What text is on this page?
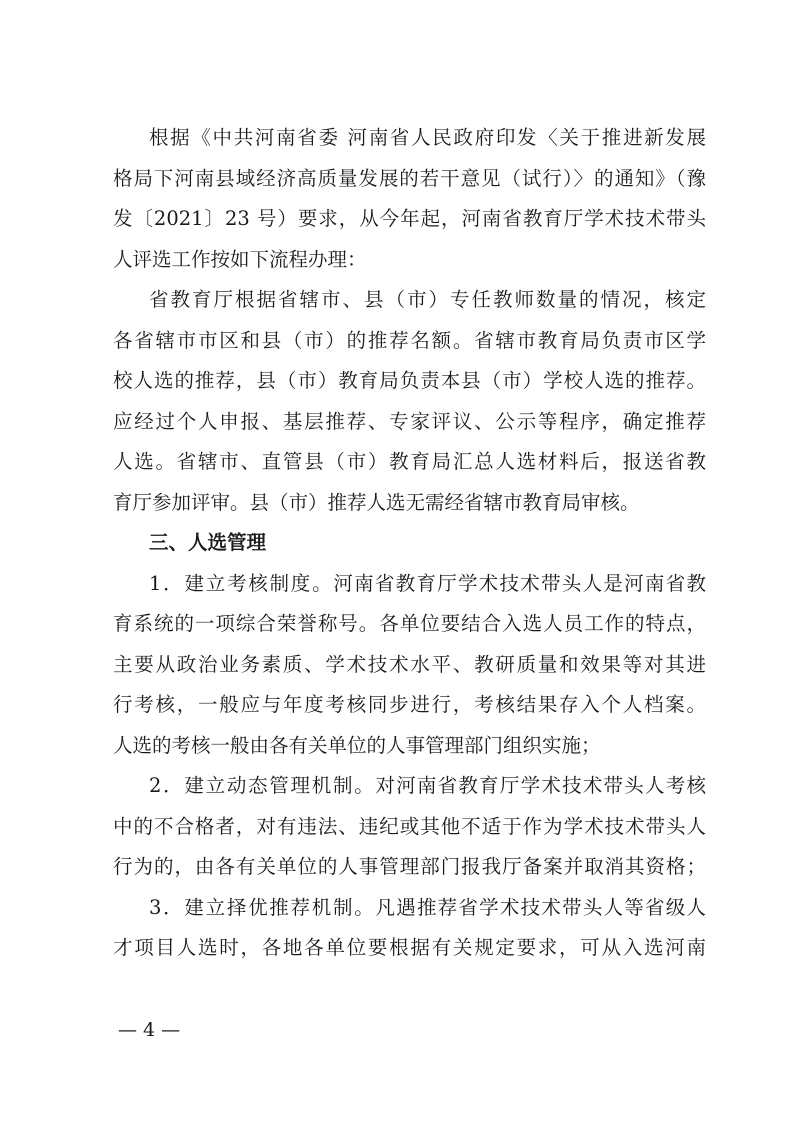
根据《中共河南省委 河南省人民政府印发〈关于推进新发展
格局下河南县域经济高质量发展的若干意见（试行）〉的通知》（豫
发〔2021〕23 号）要求，从今年起，河南省教育厅学术技术带头
人评选工作按如下流程办理：
省教育厅根据省辖市、县（市）专任教师数量的情况，核定
各省辖市市区和县（市）的推荐名额。省辖市教育局负责市区学
校人选的推荐，县（市）教育局负责本县（市）学校人选的推荐。
应经过个人申报、基层推荐、专家评议、公示等程序，确定推荐
人选。省辖市、直管县（市）教育局汇总人选材料后，报送省教
育厅参加评审。县（市）推荐人选无需经省辖市教育局审核。
三、人选管理
1．建立考核制度。河南省教育厅学术技术带头人是河南省教
育系统的一项综合荣誉称号。各单位要结合入选人员工作的特点，
主要从政治业务素质、学术技术水平、教研质量和效果等对其进
行考核，一般应与年度考核同步进行，考核结果存入个人档案。
人选的考核一般由各有关单位的人事管理部门组织实施；
2．建立动态管理机制。对河南省教育厅学术技术带头人考核
中的不合格者，对有违法、违纪或其他不适于作为学术技术带头人
行为的，由各有关单位的人事管理部门报我厅备案并取消其资格；
3．建立择优推荐机制。凡遇推荐省学术技术带头人等省级人
才项目人选时，各地各单位要根据有关规定要求，可从入选河南
— 4 —
